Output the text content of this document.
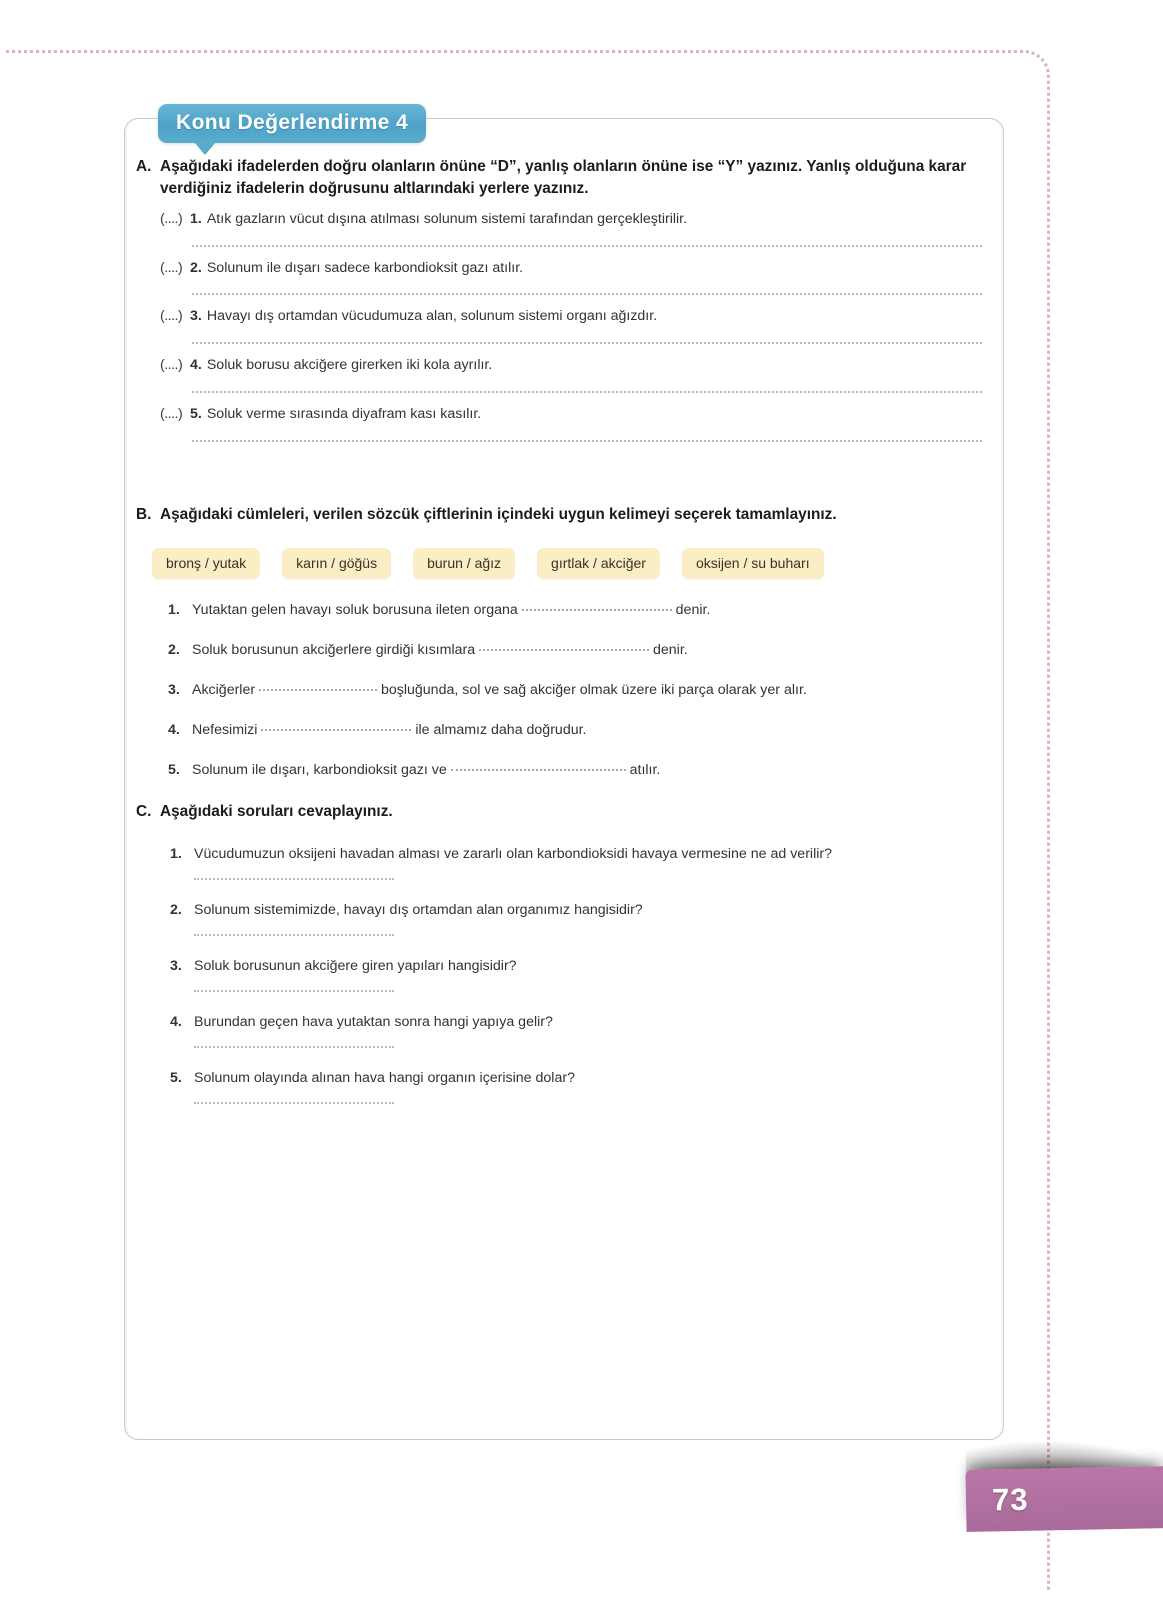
Konu Değerlendirme 4
A. Aşağıdaki ifadelerden doğru olanların önüne “D”, yanlış olanların önüne ise “Y” yazınız. Yanlış olduğuna karar verdiğiniz ifadelerin doğrusunu altlarındaki yerlere yazınız.
(....) 1. Atık gazların vücut dışına atılması solunum sistemi tarafından gerçekleştirilir.
(....) 2. Solunum ile dışarı sadece karbondioksit gazı atılır.
(....) 3. Havayı dış ortamdan vücudumuza alan, solunum sistemi organı ağızdır.
(....) 4. Soluk borusu akciğere girerken iki kola ayrılır.
(....) 5. Soluk verme sırasında diyafram kası kasılır.
B. Aşağıdaki cümleleri, verilen sözcük çiftlerinin içindeki uygun kelimeyi seçerek tamamlayınız.
bronş / yutak	karın / göğüs	burun / ağız	gırtlak / akciğer	oksijen / su buharı
1. Yutaktan gelen havayı soluk borusuna ileten organa	denir.
2. Soluk borusunun akciğerlere girdiği kısımlara	denir.
3. Akciğerler	boşluğunda, sol ve sağ akciğer olmak üzere iki parça olarak yer alır.
4. Nefesimizi	ile almamız daha doğrudur.
5. Solunum ile dışarı, karbondioksit gazı ve	atılır.
C. Aşağıdaki soruları cevaplayınız.
1. Vücudumuzun oksijeni havadan alması ve zararlı olan karbondioksidi havaya vermesine ne ad verilir?
2. Solunum sistemimizde, havayı dış ortamdan alan organımız hangisidir?
3. Soluk borusunun akciğere giren yapıları hangisidir?
4. Burundan geçen hava yutaktan sonra hangi yapıya gelir?
5. Solunum olayında alınan hava hangi organın içerisine dolar?
73
